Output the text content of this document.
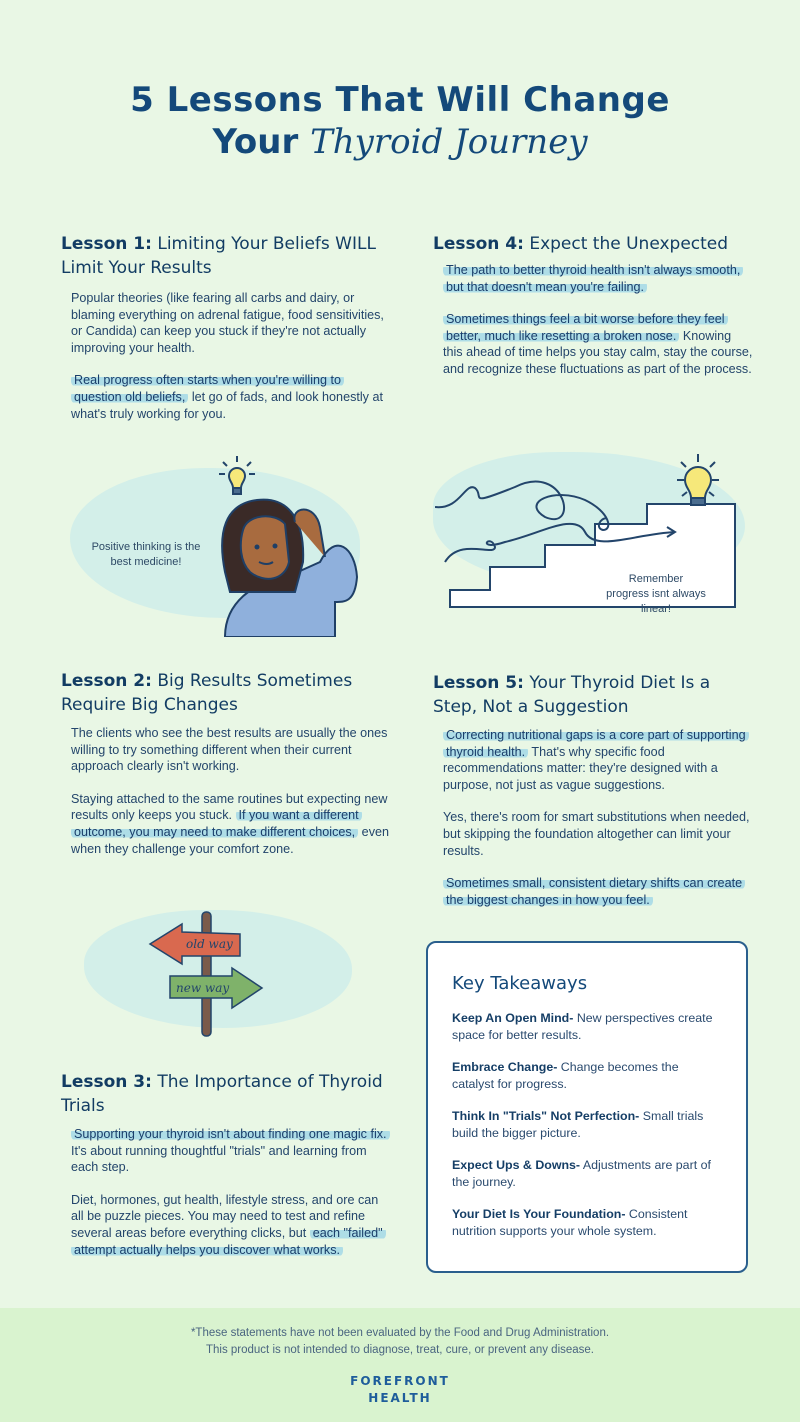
5 Lessons That Will Change
Your Thyroid Journey
Lesson 1: Limiting Your Beliefs WILL Limit Your Results

Popular theories (like fearing all carbs and dairy, or blaming everything on adrenal fatigue, food sensitivities, or Candida) can keep you stuck if they're not actually improving your health.

Real progress often starts when you're willing to question old beliefs, let go of fads, and look honestly at what's truly working for you.

Lesson 4: Expect the Unexpected

The path to better thyroid health isn't always smooth, but that doesn't mean you're failing.

Sometimes things feel a bit worse before they feel better, much like resetting a broken nose. Knowing this ahead of time helps you stay calm, stay the course, and recognize these fluctuations as part of the process.

Positive thinking is the best medicine!
Remember progress isnt always linear!
Lesson 2: Big Results Sometimes Require Big Changes

The clients who see the best results are usually the ones willing to try something different when their current approach clearly isn't working.

Staying attached to the same routines but expecting new results only keeps you stuck. If you want a different outcome, you may need to make different choices, even when they challenge your comfort zone.

Lesson 5: Your Thyroid Diet Is a Step, Not a Suggestion

Correcting nutritional gaps is a core part of supporting thyroid health. That's why specific food recommendations matter: they're designed with a purpose, not just as vague suggestions.

Yes, there's room for smart substitutions when needed, but skipping the foundation altogether can limit your results.

Sometimes small, consistent dietary shifts can create the biggest changes in how you feel.

old way
new way
Lesson 3: The Importance of Thyroid Trials

Supporting your thyroid isn't about finding one magic fix. It's about running thoughtful "trials" and learning from each step.

Diet, hormones, gut health, lifestyle stress, and ore can all be puzzle pieces. You may need to test and refine several areas before everything clicks, but each "failed" attempt actually helps you discover what works.

Key Takeaways
Keep An Open Mind- New perspectives create space for better results.
Embrace Change- Change becomes the catalyst for progress.
Think In "Trials" Not Perfection- Small trials build the bigger picture.
Expect Ups & Downs- Adjustments are part of the journey.
Your Diet Is Your Foundation- Consistent nutrition supports your whole system.
*These statements have not been evaluated by the Food and Drug Administration.
This product is not intended to diagnose, treat, cure, or prevent any disease.
FOREFRONT
HEALTH
